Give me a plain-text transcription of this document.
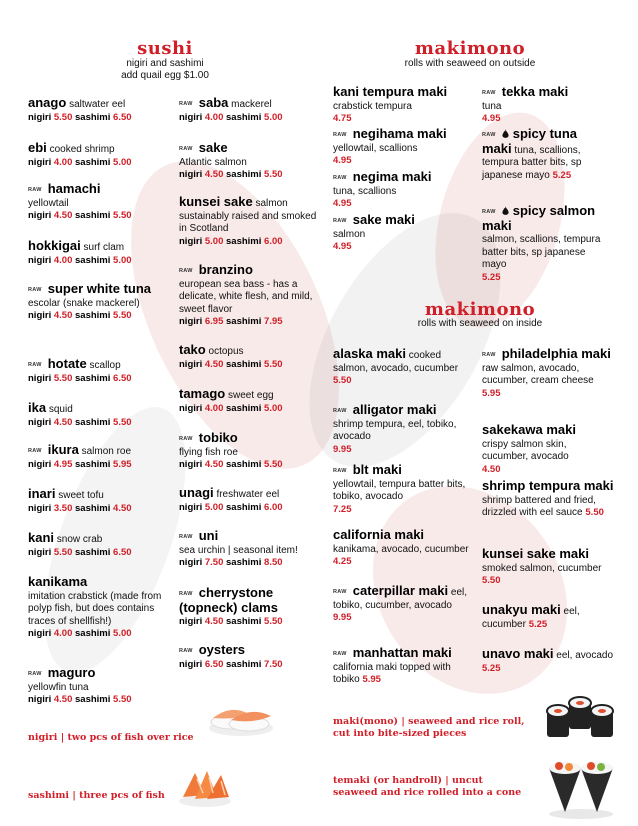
sushi
nigiri and sashimi
add quail egg $1.00
makimono
rolls with seaweed on outside
makimono
rolls with seaweed on inside
anago saltwater eel
nigiri 5.50 sashimi 6.50
ebi cooked shrimp
nigiri 4.00 sashimi 5.00
$^{RAW}$ hamachi
yellowtail
nigiri 4.50 sashimi 5.50
hokkigai surf clam
nigiri 4.00 sashimi 5.00
$^{RAW}$ super white tuna escolar (snake mackerel)
nigiri 4.50 sashimi 5.50
$^{RAW}$ hotate scallop
nigiri 5.50 sashimi 6.50
ika squid
nigiri 4.50 sashimi 5.50
$^{RAW}$ ikura salmon roe
nigiri 4.95 sashimi 5.95
inari sweet tofu
nigiri 3.50 sashimi 4.50
kani snow crab
nigiri 5.50 sashimi 6.50
kanikama
imitation crabstick (made from polyp fish, but does contains traces of shellfish!)
nigiri 4.00 sashimi 5.00
$^{RAW}$ maguro
yellowfin tuna
nigiri 4.50 sashimi 5.50
$^{RAW}$ saba mackerel
nigiri 4.00 sashimi 5.00
$^{RAW}$ sake
Atlantic salmon
nigiri 4.50 sashimi 5.50
kunsei sake salmon sustainably raised and smoked in Scotland
nigiri 5.00 sashimi 6.00
$^{RAW}$ branzino
european sea bass - has a delicate, white flesh, and mild, sweet flavor
nigiri 6.95 sashimi 7.95
tako octopus
nigiri 4.50 sashimi 5.50
tamago sweet egg
nigiri 4.00 sashimi 5.00
$^{RAW}$ tobiko
flying fish roe
nigiri 4.50 sashimi 5.50
unagi freshwater eel
nigiri 5.00 sashimi 6.00
$^{RAW}$ uni
sea urchin | seasonal item!
nigiri 7.50 sashimi 8.50
$^{RAW}$ cherrystone (topneck) clams
nigiri 4.50 sashimi 5.50
$^{RAW}$ oysters
nigiri 6.50 sashimi 7.50
kani tempura maki
crabstick tempura
4.75
$^{RAW}$ negihama maki
yellowtail, scallions
4.95
$^{RAW}$ negima maki
tuna, scallions
4.95
$^{RAW}$ sake maki
salmon
4.95
$^{RAW}$ tekka maki
tuna
4.95
$^{RAW}$ spicy tuna maki tuna, scallions, tempura batter bits, sp japanese mayo 5.25
$^{RAW}$ spicy salmon maki
salmon, scallions, tempura batter bits, sp japanese mayo
5.25
alaska maki cooked salmon, avocado, cucumber 5.50
$^{RAW}$ alligator maki
shrimp tempura, eel, tobiko, avocado
9.95
$^{RAW}$ blt maki
yellowtail, tempura batter bits, tobiko, avocado
7.25
california maki
kanikama, avocado, cucumber
4.25
$^{RAW}$ caterpillar maki eel, tobiko, cucumber, avocado 9.95
$^{RAW}$ manhattan maki california maki topped with tobiko 5.95
$^{RAW}$ philadelphia maki raw salmon, avocado, cucumber, cream cheese 5.95
sakekawa maki
crispy salmon skin, cucumber, avocado
4.50
shrimp tempura maki shrimp battered and fried, drizzled with eel sauce 5.50
kunsei sake maki
smoked salmon, cucumber
5.50
unakyu maki eel, cucumber 5.25
unavo maki eel, avocado 5.25
nigiri | two pcs of fish over rice
sashimi | three pcs of fish
maki(mono) | seaweed and rice roll, cut into bite-sized pieces
temaki (or handroll) | uncut seaweed and rice rolled into a cone
